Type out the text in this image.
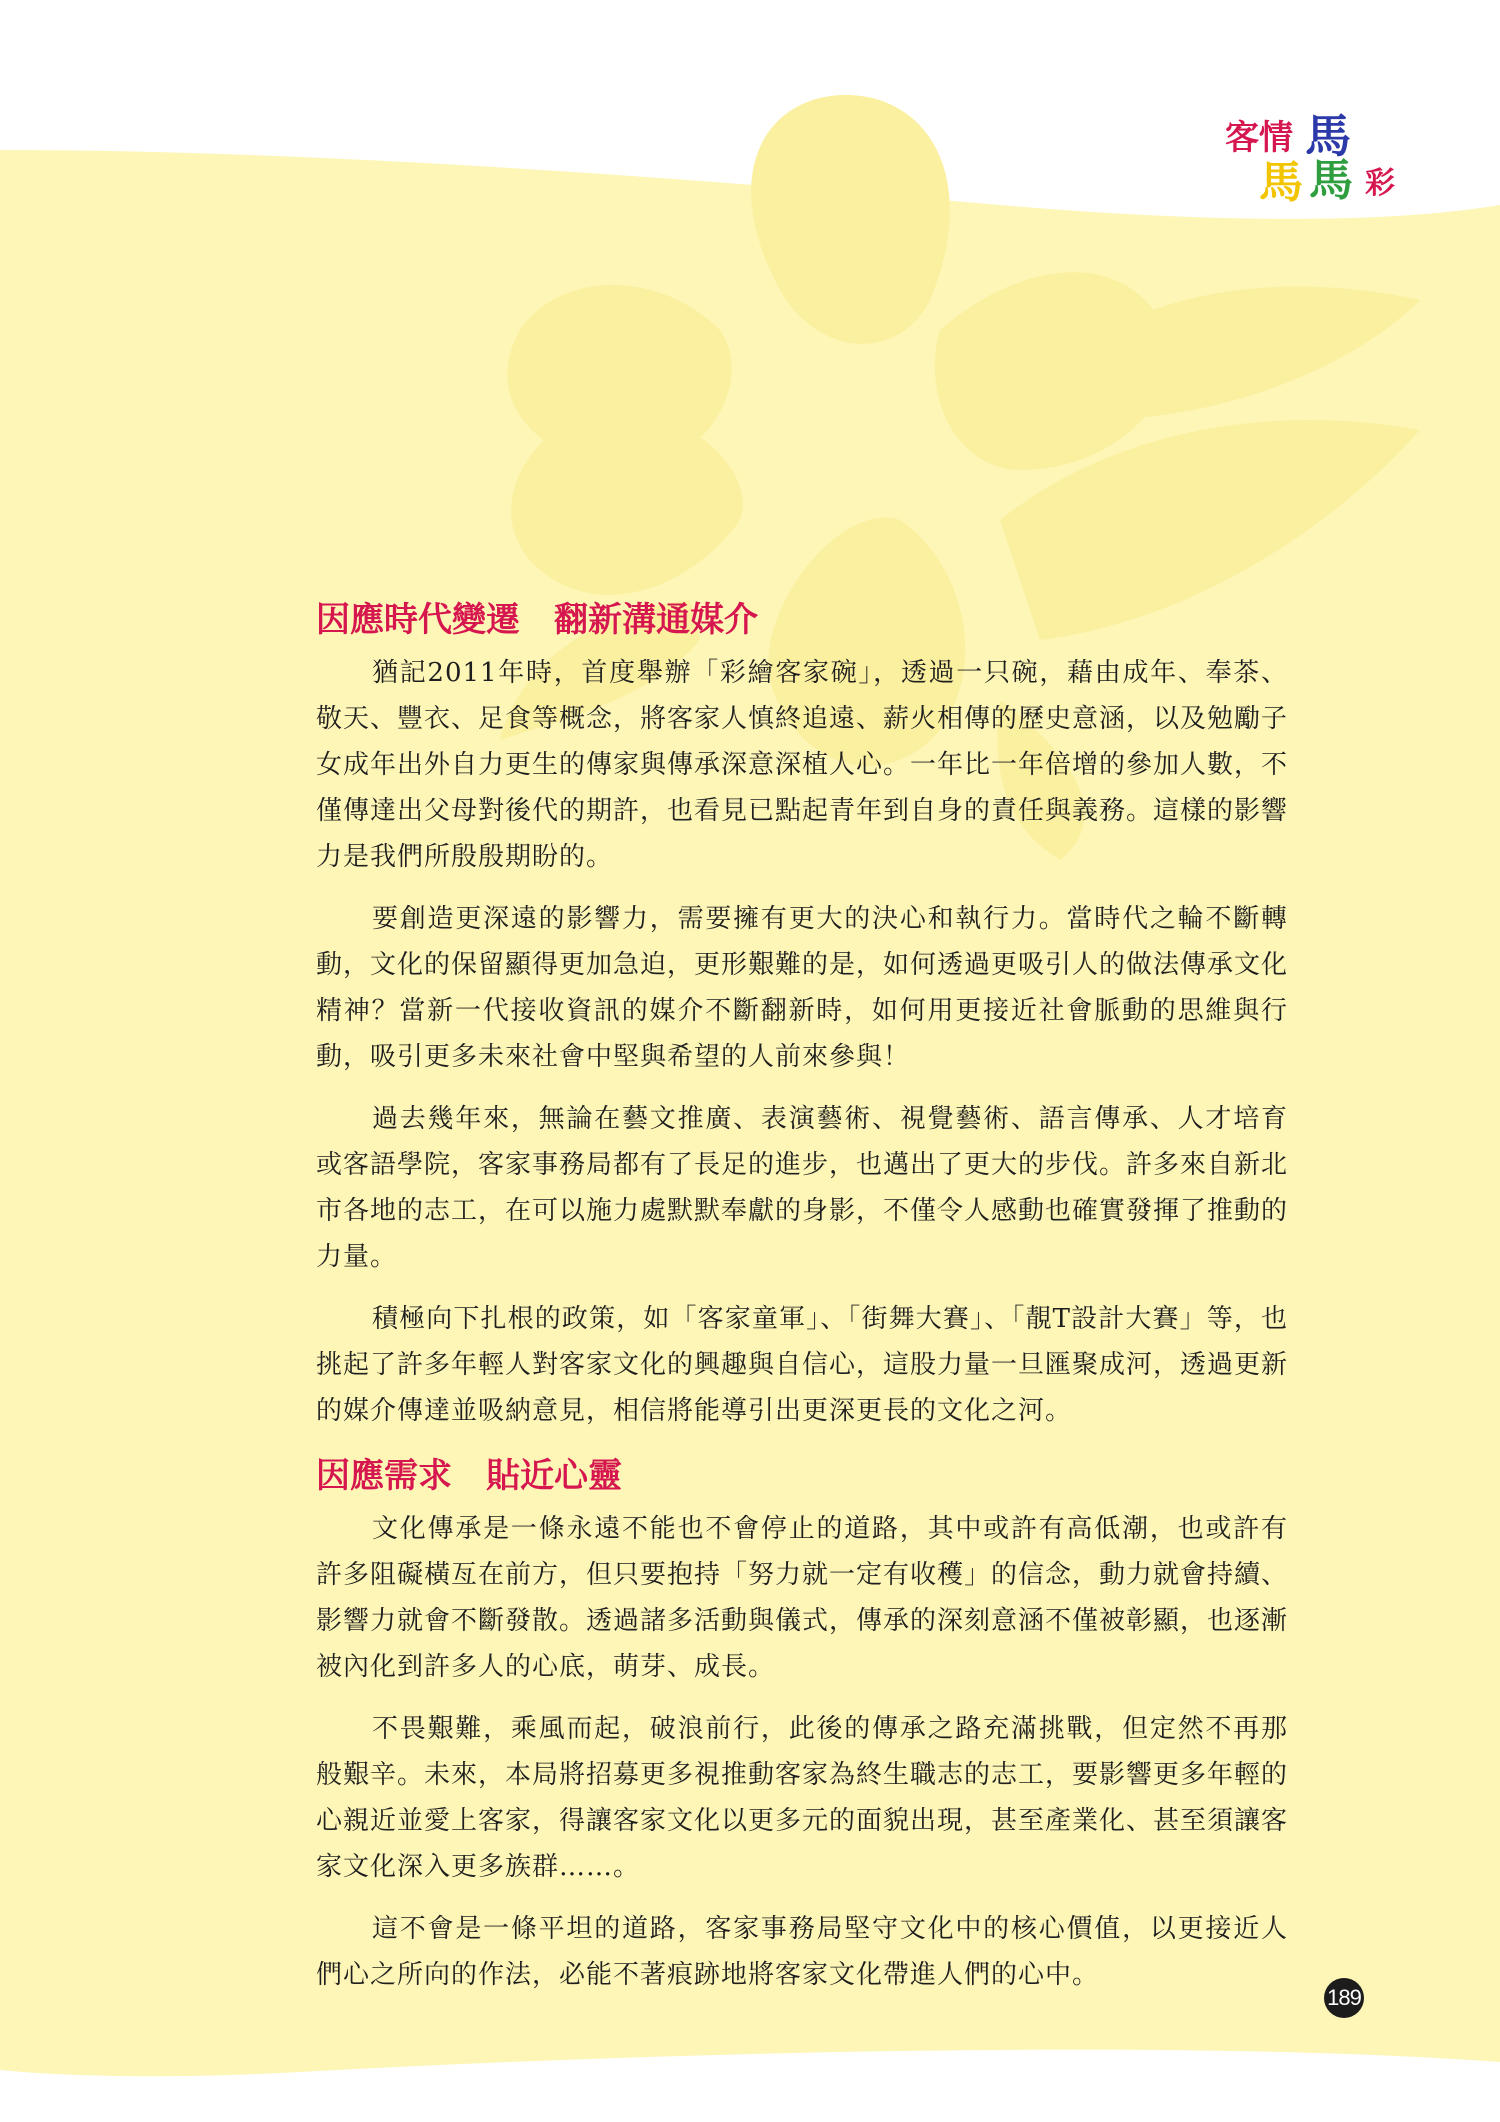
客情 馬
馬 馬 彩
因應時代變遷　翻新溝通媒介

猶記2011年時，首度舉辦「彩繪客家碗」，透過一只碗，藉由成年、奉茶、敬天、豐衣、足食等概念，將客家人慎終追遠、薪火相傳的歷史意涵，以及勉勵子女成年出外自力更生的傳家與傳承深意深植人心。一年比一年倍增的參加人數，不僅傳達出父母對後代的期許，也看見已點起青年到自身的責任與義務。這樣的影響力是我們所殷殷期盼的。

要創造更深遠的影響力，需要擁有更大的決心和執行力。當時代之輪不斷轉動，文化的保留顯得更加急迫，更形艱難的是，如何透過更吸引人的做法傳承文化精神？當新一代接收資訊的媒介不斷翻新時，如何用更接近社會脈動的思維與行動，吸引更多未來社會中堅與希望的人前來參與！

過去幾年來，無論在藝文推廣、表演藝術、視覺藝術、語言傳承、人才培育或客語學院，客家事務局都有了長足的進步，也邁出了更大的步伐。許多來自新北市各地的志工，在可以施力處默默奉獻的身影，不僅令人感動也確實發揮了推動的力量。

積極向下扎根的政策，如「客家童軍」、「街舞大賽」、「靚T設計大賽」等，也挑起了許多年輕人對客家文化的興趣與自信心，這股力量一旦匯聚成河，透過更新的媒介傳達並吸納意見，相信將能導引出更深更長的文化之河。

因應需求　貼近心靈

文化傳承是一條永遠不能也不會停止的道路，其中或許有高低潮，也或許有許多阻礙橫亙在前方，但只要抱持「努力就一定有收穫」的信念，動力就會持續、影響力就會不斷發散。透過諸多活動與儀式，傳承的深刻意涵不僅被彰顯，也逐漸被內化到許多人的心底，萌芽、成長。

不畏艱難，乘風而起，破浪前行，此後的傳承之路充滿挑戰，但定然不再那般艱辛。未來，本局將招募更多視推動客家為終生職志的志工，要影響更多年輕的心親近並愛上客家，得讓客家文化以更多元的面貌出現，甚至產業化、甚至須讓客家文化深入更多族群……。

這不會是一條平坦的道路，客家事務局堅守文化中的核心價值，以更接近人們心之所向的作法，必能不著痕跡地將客家文化帶進人們的心中。

189
